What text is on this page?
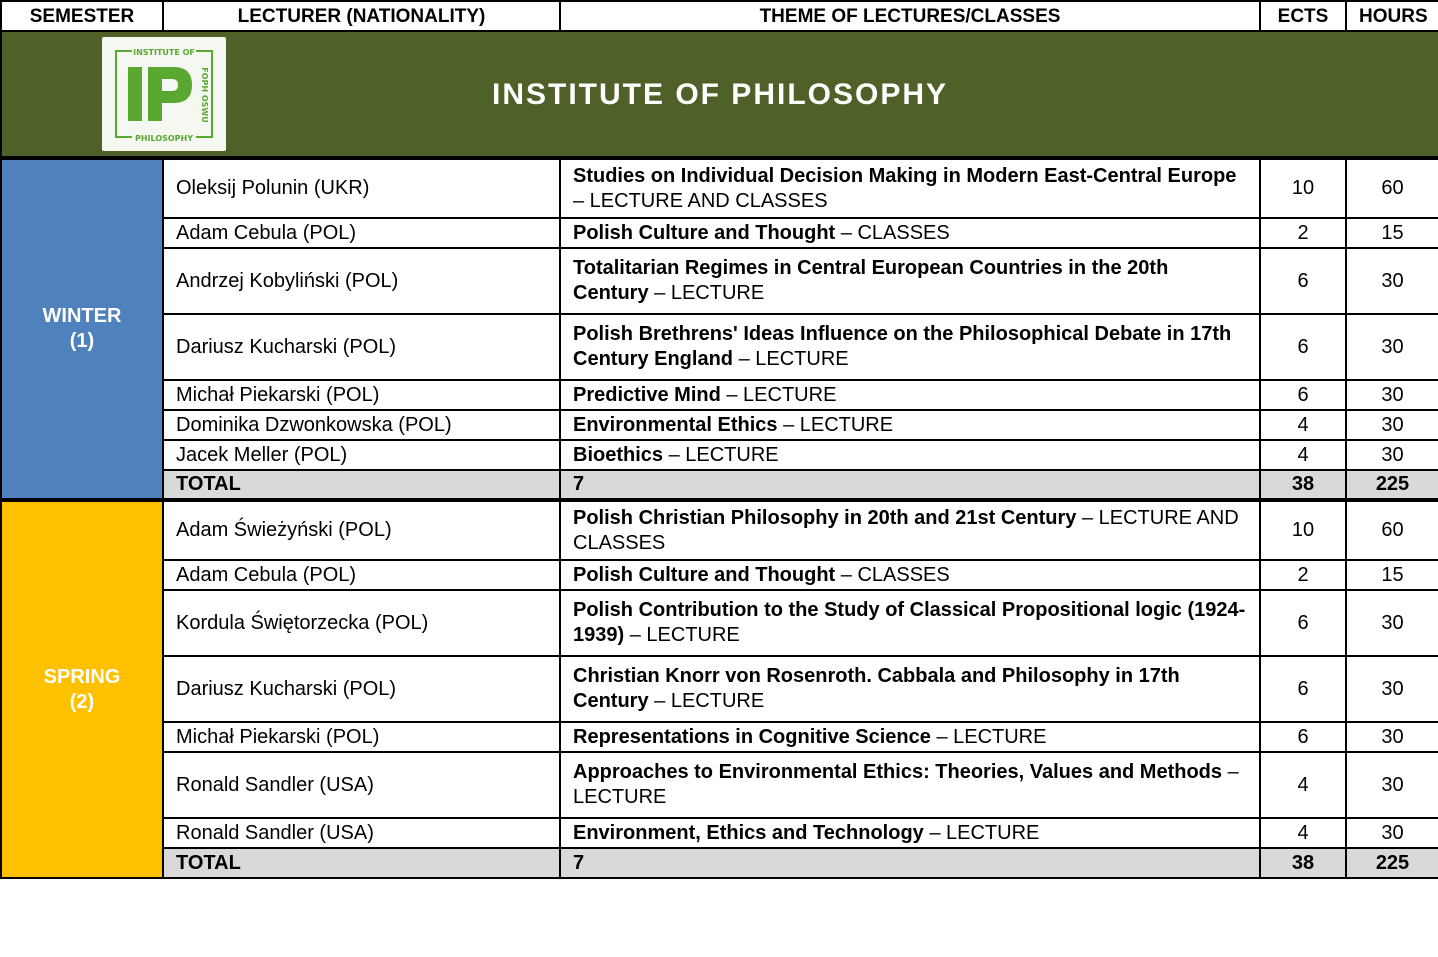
SEMESTER	LECTURER (NATIONALITY)	THEME OF LECTURES/CLASSES	ECTS	HOURS

INSTITUTE OF
PHILOSOPHY
FOPH OSWU INSTITUTE OF PHILOSOPHY				

WINTER
(1)	Oleksij Polunin (UKR)	Studies on Individual Decision Making in Modern East-Central Europe – LECTURE AND CLASSES	10	60
	Adam Cebula (POL)	Polish Culture and Thought – CLASSES	2	15
	Andrzej Kobyliński (POL)	Totalitarian Regimes in Central European Countries in the 20th Century – LECTURE	6	30
	Dariusz Kucharski (POL)	Polish Brethrens' Ideas Influence on the Philosophical Debate in 17th Century England – LECTURE	6	30
	Michał Piekarski (POL)	Predictive Mind – LECTURE	6	30
	Dominika Dzwonkowska (POL)	Environmental Ethics – LECTURE	4	30
	Jacek Meller (POL)	Bioethics – LECTURE	4	30
	TOTAL	7	38	225

SPRING
(2)	Adam Świeżyński (POL)	Polish Christian Philosophy in 20th and 21st Century – LECTURE AND CLASSES	10	60
	Adam Cebula (POL)	Polish Culture and Thought – CLASSES	2	15
	Kordula Świętorzecka (POL)	Polish Contribution to the Study of Classical Propositional logic (1924-1939) – LECTURE	6	30
	Dariusz Kucharski (POL)	Christian Knorr von Rosenroth. Cabbala and Philosophy in 17th Century – LECTURE	6	30
	Michał Piekarski (POL)	Representations in Cognitive Science – LECTURE	6	30
	Ronald Sandler (USA)	Approaches to Environmental Ethics: Theories, Values and Methods – LECTURE	4	30
	Ronald Sandler (USA)	Environment, Ethics and Technology – LECTURE	4	30
	TOTAL	7	38	225
